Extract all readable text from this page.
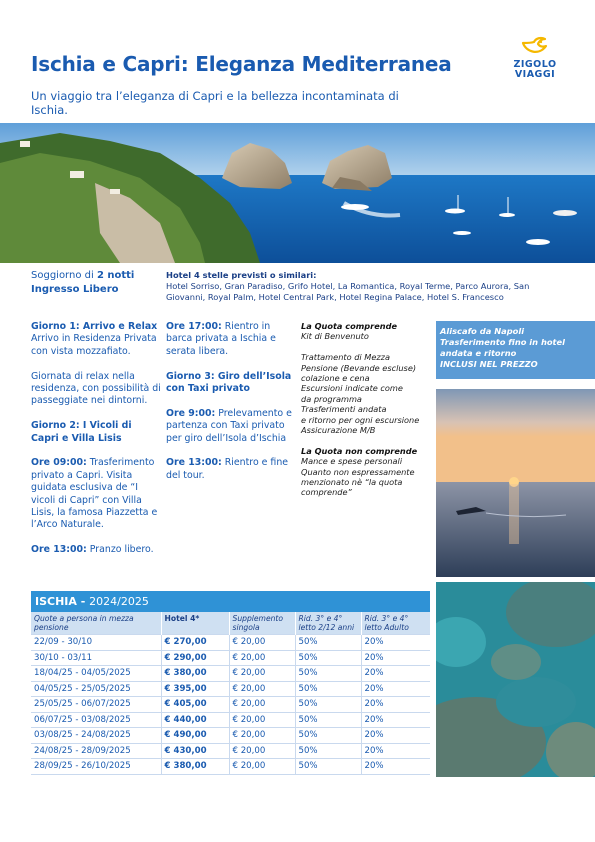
Ischia e Capri: Eleganza Mediterranea

Un viaggio tra l’eleganza di Capri e la bellezza incontaminata di Ischia.

ZIGOLO
VIAGGI
Soggiorno di 2 notti
Ingresso Libero
Hotel 4 stelle previsti o similari:
Hotel Sorriso, Gran Paradiso, Grifo Hotel, La Romantica, Royal Terme, Parco Aurora, San Giovanni, Royal Palm, Hotel Central Park, Hotel Regina Palace, Hotel S. Francesco

Giorno 1: Arrivo e Relax
Arrivo in Residenza Privata con vista mozzafiato.

Giornata di relax nella residenza, con possibilità di passeggiate nei dintorni.

Giorno 2: I Vicoli di Capri e Villa Lisis

Ore 09:00: Trasferimento privato a Capri. Visita guidata esclusiva de “I vicoli di Capri” con Villa Lisis, la famosa Piazzetta e l’Arco Naturale.

Ore 13:00: Pranzo libero.

Ore 17:00: Rientro in barca privata a Ischia e serata libera.

Giorno 3: Giro dell’Isola con Taxi privato

Ore 9:00: Prelevamento e partenza con Taxi privato per giro dell’Isola d’Ischia

Ore 13:00: Rientro e fine del tour.

La Quota comprende
Kit di Benvenuto
Trattamento di Mezza
Pensione (Bevande escluse)
colazione e cena
Escursioni indicate come
da programma
Trasferimenti andata
e ritorno per ogni escursione
Assicurazione M/B
La Quota non comprende
Mance e spese personali
Quanto non espressamente
menzionato nè “la quota
comprende”
Aliscafo da Napoli
Trasferimento fino in hotel
andata e ritorno
INCLUSI NEL PREZZO
ISCHIA - 2024/2025
Quote a persona in mezza pensione	Hotel 4*	Supplemento singola	Rid. 3° e 4° letto 2/12 anni	Rid. 3° e 4° letto Adulto
22/09 - 30/10	€ 270,00	€ 20,00	50%	20%
30/10 - 03/11	€ 290,00	€ 20,00	50%	20%
18/04/25 - 04/05/2025	€ 380,00	€ 20,00	50%	20%
04/05/25 - 25/05/2025	€ 395,00	€ 20,00	50%	20%
25/05/25 - 06/07/2025	€ 405,00	€ 20,00	50%	20%
06/07/25 - 03/08/2025	€ 440,00	€ 20,00	50%	20%
03/08/25 - 24/08/2025	€ 490,00	€ 20,00	50%	20%
24/08/25 - 28/09/2025	€ 430,00	€ 20,00	50%	20%
28/09/25 - 26/10/2025	€ 380,00	€ 20,00	50%	20%
